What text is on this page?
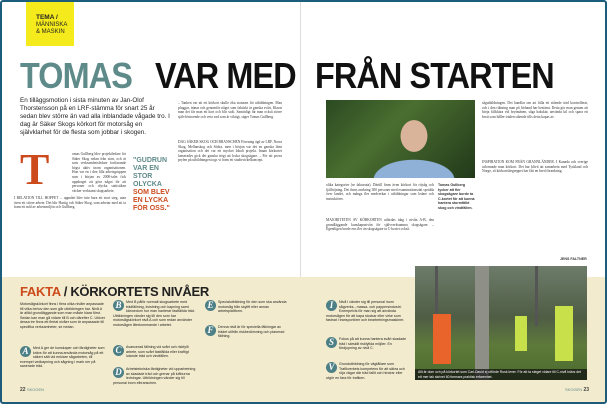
TEMA /
MÄNNISKA
& MASKIN
TOMAS VAR MED FRÅN STARTEN
En tilläggsmotion i sista minuten av Jan-Olof Thorstensson på en LRF-stämma för snart 25 år sedan blev större än vad alla inblandade vågade tro. I dag är Säker Skogs körkort för motorsåg en självklarhet för de flesta som jobbar i skogen.
T	omas Gullberg blev projektledare för Säker Skog redan från start, och är som verksamhetsledare fortfarande högst aktiv inom organisationen. Hon var en i den lilla arbetsgruppen som i början av 2000-talet fick uppdraget att göra något för att personer och olycka statistiken väcker verksamt skogsarbete.
I RELATION TILL HOPPET ... uppnået blev inte bara ett stort steg, utan även ett större arbete. Det blir Hurtig och Säker Skog, som arbetar med att ta fram ett mål av arbetsmiljön och Gullberg.
"GUDRUN VAR EN STOR OLYCKA
SOM BLEV EN LYCKA FÖR OSS."
– Tanken var att ett körkort skulle öka statusen för utbildningen. Man pluggar, tränar och genomför något som faktiskt är ganska svårt. Klarar man det får man ett kort och blir stolt. Samtidigt får man också större självförtroende och veta vad som är viktigt, säger Tomas Gullberg.
DAG SÄKER SKOG OCH BRANSCHEN Förening ägd av LRF, Norra Skog, Mellanskog och Södra, men i början var det en ganska liten organisation och det var ett mycket lokalt projekt. Innan körkortet lanserades gick det ganska trögt att locka skogsägare. – För att prova prylen på utbildningen togs vi fram ett studiecirkelkoncept.
olika kategorier (se faktaruta). Därtill finns även körkort för röjsåg och fjällröjning. Det finns omkring 300 personer med examinationsrätt spridda över landet, och många fler medverkar i utbildningar som ledare och instruktörer.
MAJORITETEN AV KÖRKORTEN utfärdas idag i nivån A-B, den grundläggande kunskapsnivån för självverksamma skogsägare. – Egentligen borde ens fler än skogsägare ta C-kortet också.
Tomas Gullberg tycker att fler skogsägare borde ta C-kortet för att kunna hantera stormfälld skog och vindfällen.
sågutbildningen. Det handlar om att fälla ett stående träd kontrollerat, och i den riktning man på förhand har bestämt. Detta gör man genom att börja fällskära vid brytmånen, såga hakskär, använda kil och spara ett brott som håller träden stående tills detta kapas av.
INSPIRATION KOM FRÅN GRANNLÄNDER. I Kanada och sverige utformade man körkort. Det har blivit att samarbeta med Tyskland och Norge, så körkortsbegreppet har fått en bred förankring.
JENS FALTNER
FAKTA / KÖRKORTETS NIVÅER
Motorsågskörkort finns i flera olika nivåer anpassade till vilka behov den som går utbildningen har. Nivå A är alltid grundläggande som man måste klara först. Sedan kan man gå vidare till B och därefter C. Utöver dessa tre finns ett flertal nivåer som är anpassade till specifika verksamheter, se nedan.
A	Med A ger de kunskaper och färdigheter som krävs för att kunna använda motorsåg på ett säkert sätt vid enklare sågarbeten, till exempel vedkapning och sågning i mark ner på sanerade träd.
B	Med B påför normalt skogsarbete med trädfällning, kvistning och kapning samt kännedom hur man hanterar fastfällda träd. Utbildningen vänder sig till den som har motorsågskörkort nivå A och som redan använder motorsågen återkommande i arbetet.
C	Avancerad fällning vid svårt och riskfyllt arbete, som svårt fastfällda eller kraftigt lutande träd och vindfällen.
D	Arbetstekniska färdigheter vid upparbetning av skadade träd och grenar på luftburna ledningar. Utbildningen vänder sig till personal inom elbranschen.
E	Specialutbildning för den som ska använda motorsåg från skylift eller annan arbetsplattform.
F	Denna nivå är för speciella fällningar av trädet utifrån riskbedömning och planerad fällning.
I	Nivå I vänder sig till personal inom sågverks-, massa- och pappersindustri. Exempelvis för man sig att använda motorsågen för att kapa stockar eller virke som fastnat i transportörer och bearbetningsmaskiner.
S	Fokus på att kunna hantera svårt skadade träd i särskilt riskfyllda miljöer. En fördjupning av nivå C.
V	Grundutbildning för vägtåliare som Trafikverkets kompetens för att säkra och röja vägar där träd fallit och hindrar eller utgör en fara för trafiken.
Allt är dom och på körkortet som Carl-David ej utförde Rusk lever. För att ta steget vidare till C-nivå krävs det ett mer tak skrivet 60 timmars praktisk erfarenhet.
22 SKOGEN	SKOGEN 23
